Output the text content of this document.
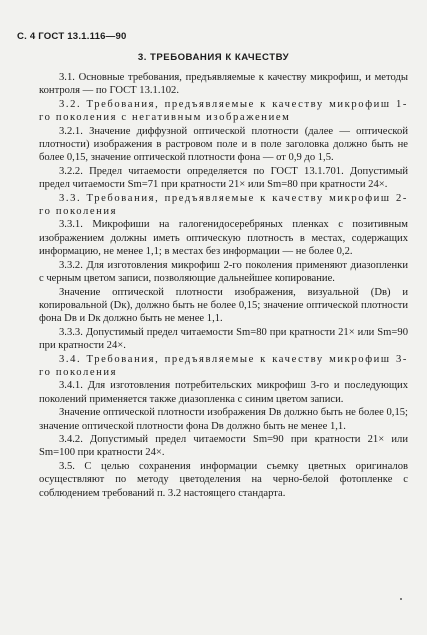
С. 4 ГОСТ 13.1.116—90
3. ТРЕБОВАНИЯ К КАЧЕСТВУ

3.1. Основные требования, предъявляемые к качеству микрофиш, и методы контроля — по ГОСТ 13.1.102.

3.2. Требования, предъявляемые к качеству микрофиш 1-го поколения с негативным изображением

3.2.1. Значение диффузной оптической плотности (далее — оптической плотности) изображения в растровом поле и в поле заголовка должно быть не более 0,15, значение оптической плотности фона — от 0,9 до 1,5.

3.2.2. Предел читаемости определяется по ГОСТ 13.1.701. Допустимый предел читаемости Sm=71 при кратности 21× или Sm=80 при кратности 24×.

3.3. Требования, предъявляемые к качеству микрофиш 2-го поколения

3.3.1. Микрофиши на галогенидосеребряных пленках с позитивным изображением должны иметь оптическую плотность в местах, содержащих информацию, не менее 1,1; в местах без информации — не более 0,2.

3.3.2. Для изготовления микрофиш 2-го поколения применяют диазопленки с черным цветом записи, позволяющие дальнейшее копирование.

Значение оптической плотности изображения, визуальной (Dв) и копировальной (Dк), должно быть не более 0,15; значение оптической плотности фона Dв и Dк должно быть не менее 1,1.

3.3.3. Допустимый предел читаемости Sm=80 при кратности 21× или Sm=90 при кратности 24×.

3.4. Требования, предъявляемые к качеству микрофиш 3-го поколения

3.4.1. Для изготовления потребительских микрофиш 3-го и последующих поколений применяется также диазопленка с синим цветом записи.

Значение оптической плотности изображения Dв должно быть не более 0,15; значение оптической плотности фона Dв должно быть не менее 1,1.

3.4.2. Допустимый предел читаемости Sm=90 при кратности 21× или Sm=100 при кратности 24×.

3.5. С целью сохранения информации съемку цветных оригиналов осуществляют по методу цветоделения на черно-белой фотопленке с соблюдением требований п. 3.2 настоящего стандарта.
